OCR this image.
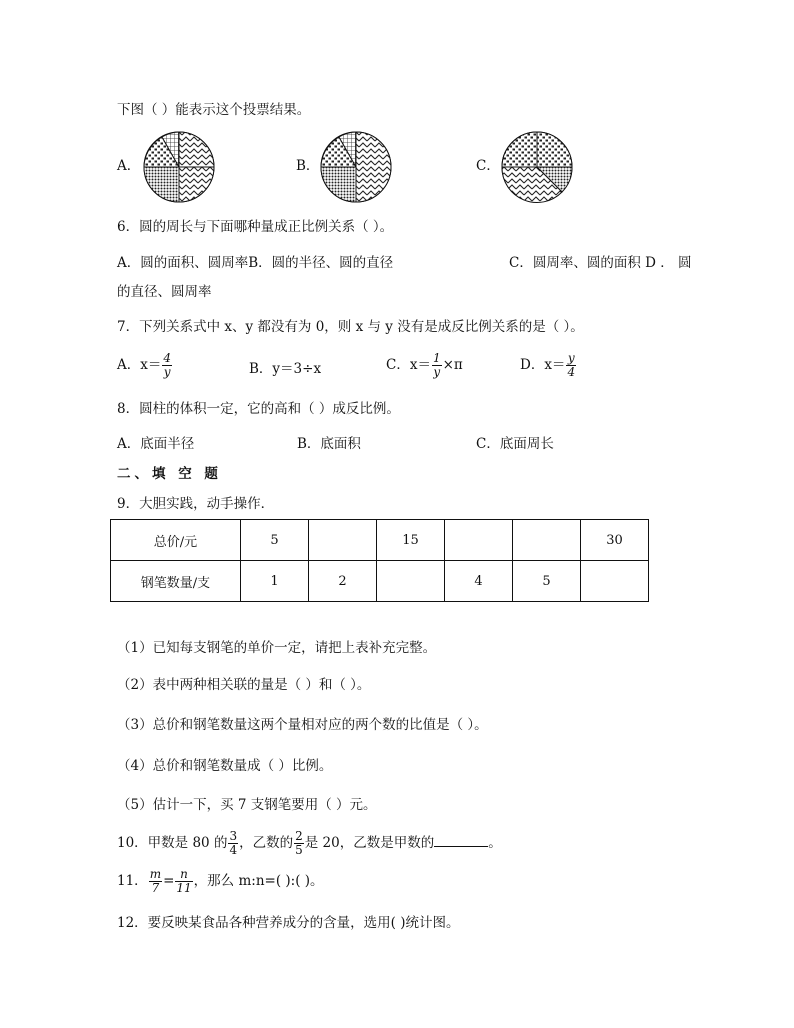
下图（ ）能表示这个投票结果。
A．	B．	C．
6．圆的周长与下面哪种量成正比例关系（ ）。
A．圆的面积、圆周率B．圆的半径、圆的直径	C．圆周率、圆的面积 D ． 圆
的直径、圆周率
7．下列关系式中 x、y 都没有为 0，则 x 与 y 没有是成反比例关系的是（ ）。
A．$x= \frac{4}{y}$	B．y＝3÷x	C．$x= \frac{1}{y} \times\pi$	D．$x= \frac{y}{4}$
8．圆柱的体积一定，它的高和（ ）成反比例。
A．底面半径	B．底面积	C．底面周长
二、填 空 题
9．大胆实践，动手操作．
总价/元	5		15			30
钢笔数量/支	1	2		4	5	
（1）已知每支钢笔的单价一定，请把上表补充完整。
（2）表中两种相关联的量是（ ）和（ ）。
（3）总价和钢笔数量这两个量相对应的两个数的比值是（ ）。
（4）总价和钢笔数量成（ ）比例。
（5）估计一下，买 7 支钢笔要用（ ）元。
10．甲数是 80 的 $\frac{3}{4}$ ，乙数的 $\frac{2}{5}$ 是 20，乙数是甲数的	。
11． $\frac{m}{7} = \frac{n}{11}$ ，那么 m:n=( ):( )。
12．要反映某食品各种营养成分的含量，选用( )统计图。
